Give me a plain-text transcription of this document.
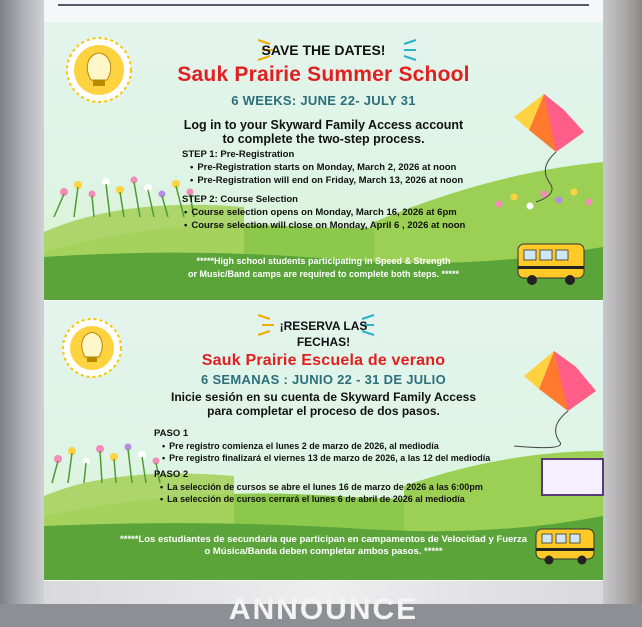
SAVE THE DATES!
Sauk Prairie Summer School
6 WEEKS: JUNE 22- JULY 31
Log in to your Skyward Family Access account
to complete the two-step process.
STEP 1: Pre-Registration
• Pre-Registration starts on Monday, March 2, 2026 at noon
• Pre-Registration will end on Friday, March 13, 2026 at noon
STEP 2: Course Selection
• Course selection opens on Monday, March 16, 2026 at 6pm
• Course selection will close on Monday, April 6 , 2026 at noon
*****High school students participating in Speed & Strength
or Music/Band camps are required to complete both steps. *****
¡RESERVA LAS
FECHAS!
Sauk Prairie Escuela de verano
6 SEMANAS : JUNIO 22 - 31 DE JULIO
Inicie sesión en su cuenta de Skyward Family Access
para completar el proceso de dos pasos.
PASO 1
• Pre registro comienza el lunes 2 de marzo de 2026, al mediodía
• Pre registro finalizará el viernes 13 de marzo de 2026, a las 12 del mediodía
PASO 2
• La selección de cursos se abre el lunes 16 de marzo de 2026 a las 6:00pm
• La selección de cursos cerrará el lunes 6 de abril de 2026 al mediodía
*****Los estudiantes de secundaria que participan en campamentos de Velocidad y Fuerza
o Música/Banda deben completar ambos pasos. *****
ANNOUNCE
